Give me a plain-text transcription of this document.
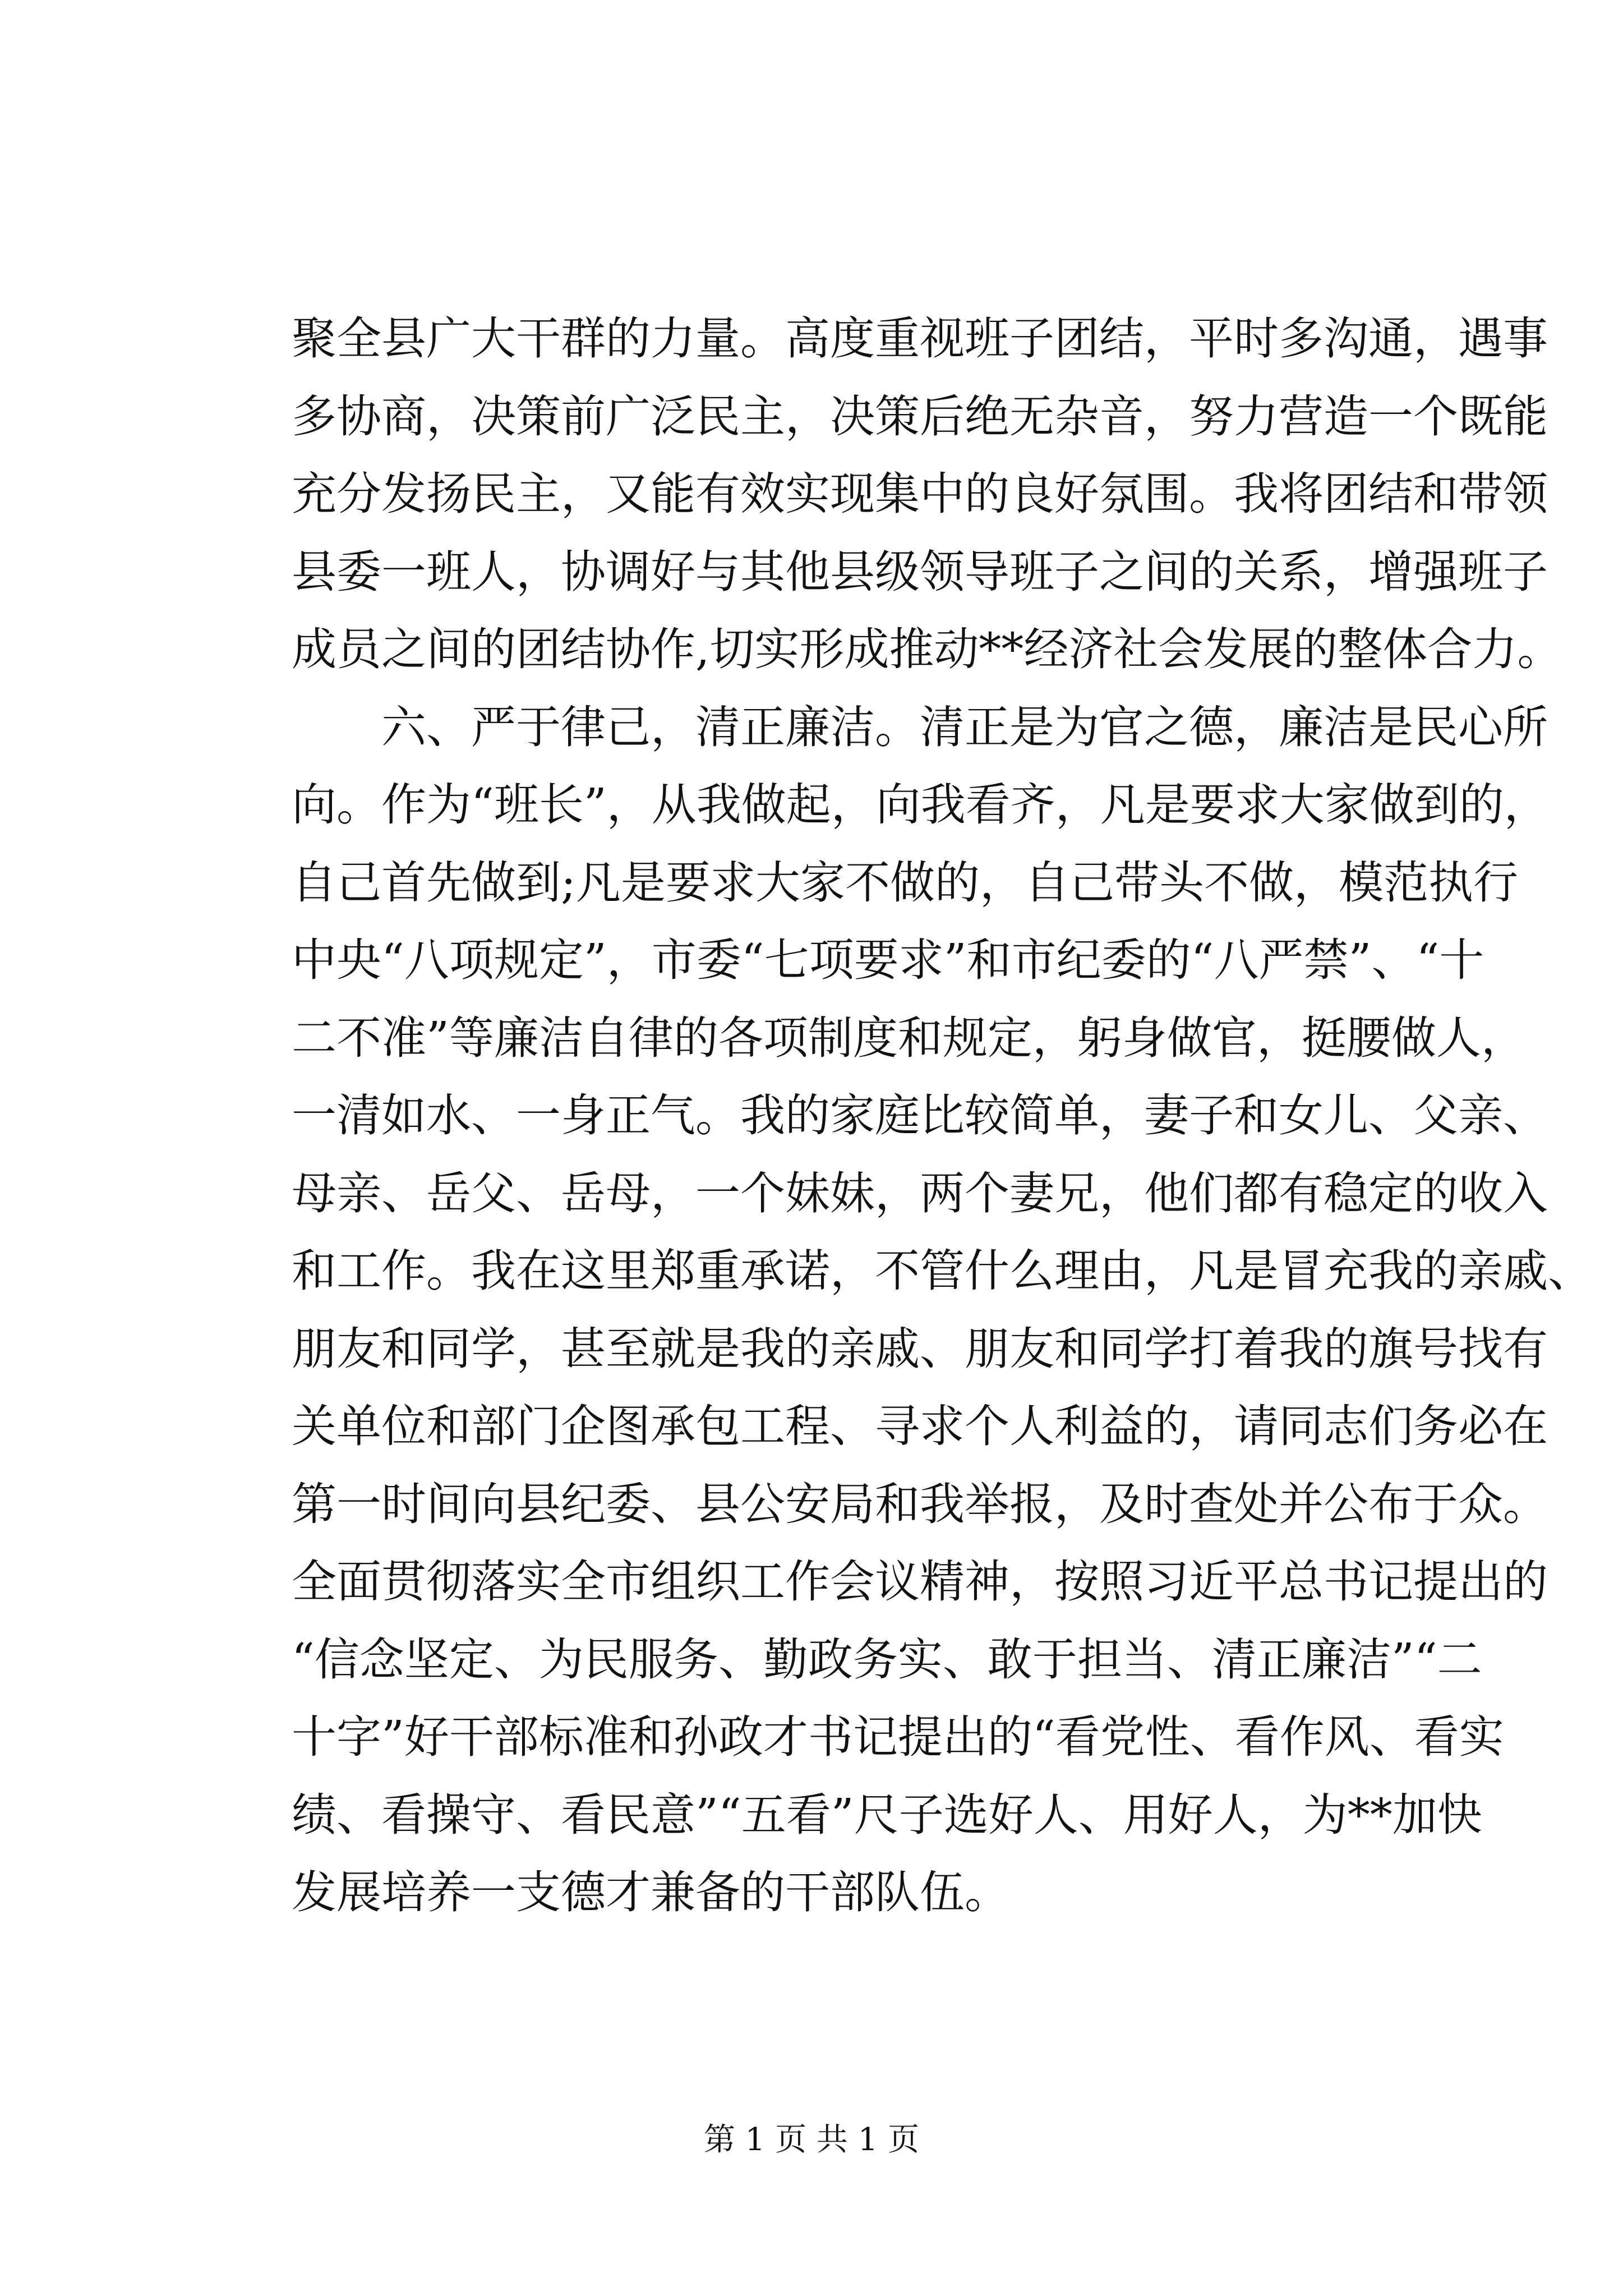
聚全县广大干群的力量。高度重视班子团结，平时多沟通，遇事
多协商，决策前广泛民主，决策后绝无杂音，努力营造一个既能
充分发扬民主，又能有效实现集中的良好氛围。我将团结和带领
县委一班人，协调好与其他县级领导班子之间的关系，增强班子
成员之间的团结协作,切实形成推动**经济社会发展的整体合力。
　　六、严于律己，清正廉洁。清正是为官之德，廉洁是民心所
向。作为“班长”，从我做起，向我看齐，凡是要求大家做到的，
自己首先做到;凡是要求大家不做的，自己带头不做，模范执行
中央“八项规定”，市委“七项要求”和市纪委的“八严禁”、“十
二不准”等廉洁自律的各项制度和规定，躬身做官，挺腰做人，
一清如水、一身正气。我的家庭比较简单，妻子和女儿、父亲、
母亲、岳父、岳母，一个妹妹，两个妻兄，他们都有稳定的收入
和工作。我在这里郑重承诺，不管什么理由，凡是冒充我的亲戚、
朋友和同学，甚至就是我的亲戚、朋友和同学打着我的旗号找有
关单位和部门企图承包工程、寻求个人利益的，请同志们务必在
第一时间向县纪委、县公安局和我举报，及时查处并公布于众。
全面贯彻落实全市组织工作会议精神，按照习近平总书记提出的
“信念坚定、为民服务、勤政务实、敢于担当、清正廉洁”“二
十字”好干部标准和孙政才书记提出的“看党性、看作风、看实
绩、看操守、看民意”“五看”尺子选好人、用好人，为**加快
发展培养一支德才兼备的干部队伍。
第 1 页 共 1 页
